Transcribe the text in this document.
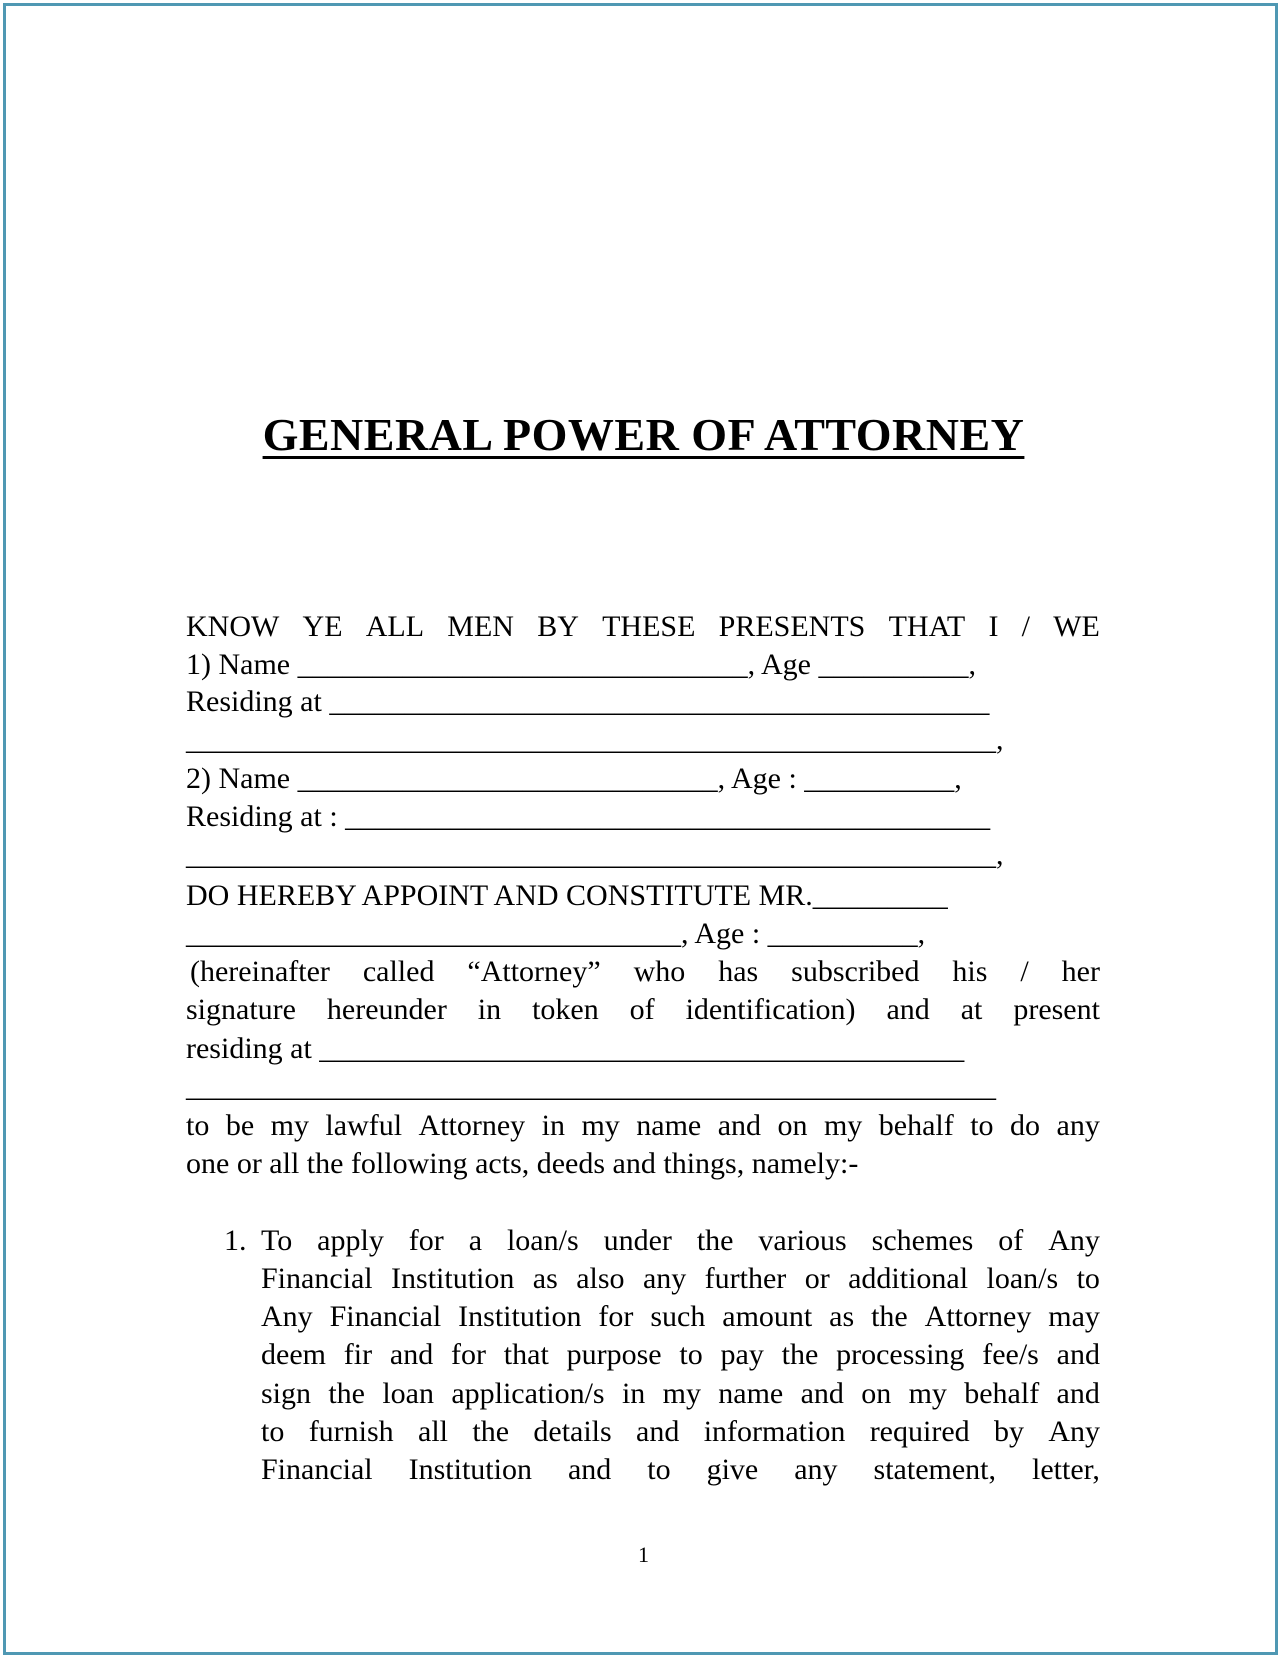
GENERAL POWER OF ATTORNEY
KNOW YE ALL MEN BY THESE PRESENTS THAT I / WE
1) Name ______________________________, Age __________,
Residing at ____________________________________________
______________________________________________________,
2) Name ____________________________, Age : __________,
Residing at : ___________________________________________
______________________________________________________,
DO HEREBY APPOINT AND CONSTITUTE MR._________
_________________________________, Age : __________,
(hereinafter called “Attorney” who has subscribed his / her
signature hereunder in token of identification) and at present
residing at ___________________________________________
______________________________________________________
to be my lawful Attorney in my name and on my behalf to do any
one or all the following acts, deeds and things, namely:-
1. To apply for a loan/s under the various schemes of Any
Financial Institution as also any further or additional loan/s to
Any Financial Institution for such amount as the Attorney may
deem fir and for that purpose to pay the processing fee/s and
sign the loan application/s in my name and on my behalf and
to furnish all the details and information required by Any
Financial Institution and to give any statement, letter,
1
